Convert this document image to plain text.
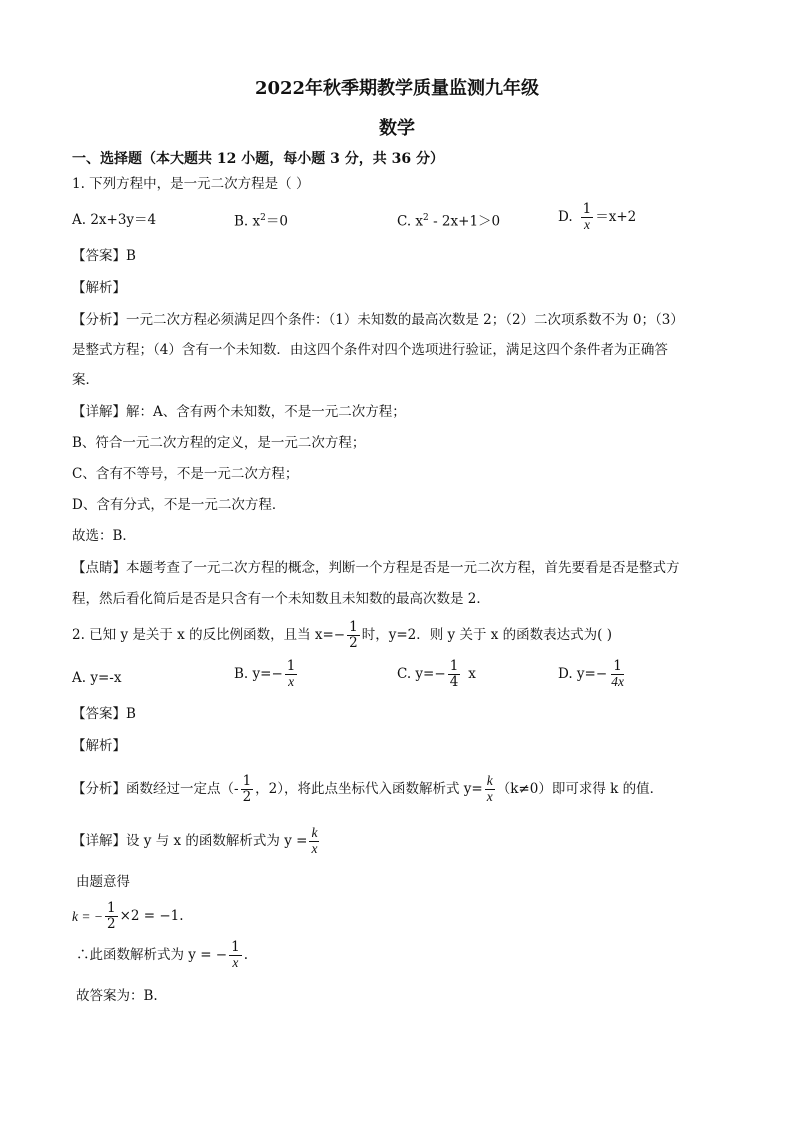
2022年秋季期教学质量监测九年级
数学
一、选择题（本大题共 12 小题，每小题 3 分，共 36 分）
1. 下列方程中，是一元二次方程是（ ）
A. 2x+3y＝4	B. $x^2=0$	C. $x^2 - 2x+1>0$	D. $\frac{1}{x} =x+2$
【答案】B
【解析】
【分析】一元二次方程必须满足四个条件：（1）未知数的最高次数是 2；（2）二次项系数不为 0；（3）
是整式方程；（4）含有一个未知数．由这四个条件对四个选项进行验证，满足这四个条件者为正确答
案．
【详解】解：A、含有两个未知数，不是一元二次方程；
B、符合一元二次方程的定义，是一元二次方程；
C、含有不等号，不是一元二次方程；
D、含有分式，不是一元二次方程．
故选：B．
【点睛】本题考查了一元二次方程的概念，判断一个方程是否是一元二次方程，首先要看是否是整式方
程，然后看化简后是否是只含有一个未知数且未知数的最高次数是 2．
2. 已知 y 是关于 x 的反比例函数，且当 $x=- \frac{1}{2}$ 时，y=2．则 y 关于 x 的函数表达式为( )
A. y=-x	B. $y=- \frac{1}{x}$	C. $y=- \frac{1}{4}$ x	D. $y=- \frac{1}{4x}$
【答案】B
【解析】
【分析】 函数经过一定点（- $\frac{1}{2}$ ，2），将此点坐标代入函数解析式 $y= \frac{k}{x} (k\ne 0)$即可求得 k 的值．
【详解】 设 y 与 x 的函数解析式为 $y = \frac{k}{x}$
由题意得
k = − $\frac{1}{2} \times 2 = -1$.
∴此函数解析式为 y = − $\frac{1}{x}$ .
故答案为：B.
